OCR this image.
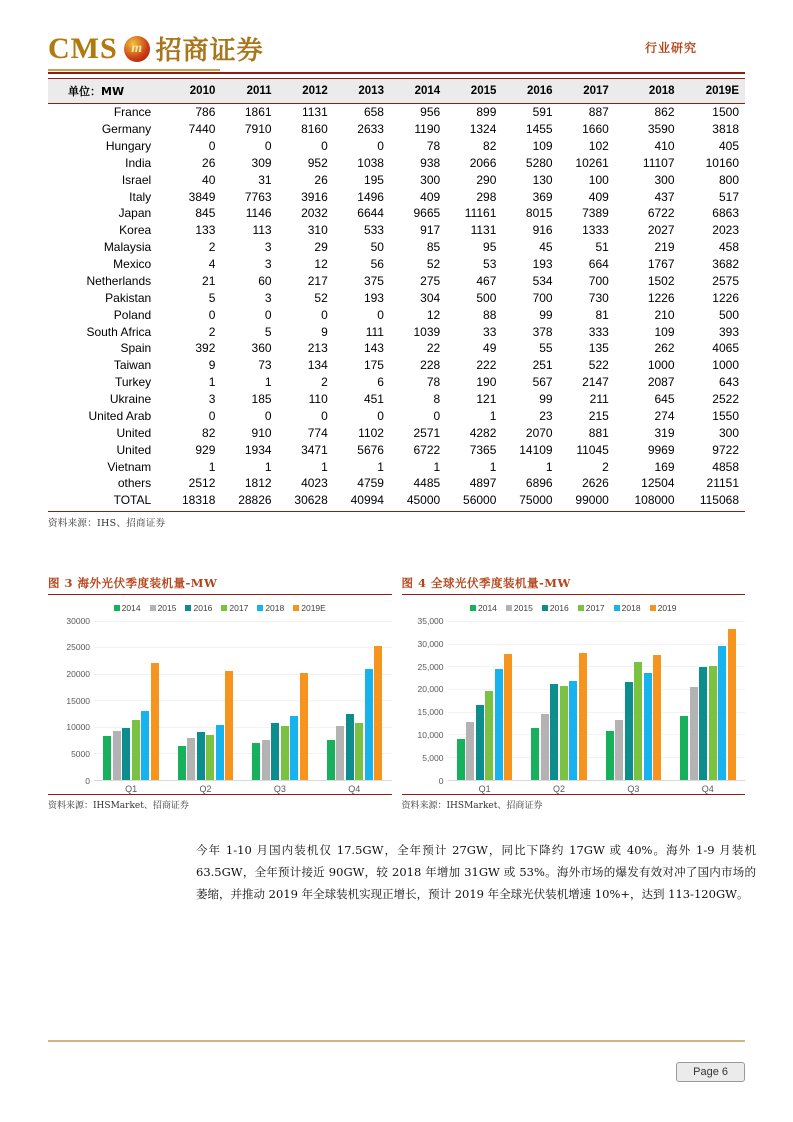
CMS m 招商证券	行业研究
单位：MW	2010	2011	2012	2013	2014	2015	2016	2017	2018	2019E
France	786	1861	1131	658	956	899	591	887	862	1500
Germany	7440	7910	8160	2633	1190	1324	1455	1660	3590	3818
Hungary	0	0	0	0	78	82	109	102	410	405
India	26	309	952	1038	938	2066	5280	10261	11107	10160
Israel	40	31	26	195	300	290	130	100	300	800
Italy	3849	7763	3916	1496	409	298	369	409	437	517
Japan	845	1146	2032	6644	9665	11161	8015	7389	6722	6863
Korea	133	113	310	533	917	1131	916	1333	2027	2023
Malaysia	2	3	29	50	85	95	45	51	219	458
Mexico	4	3	12	56	52	53	193	664	1767	3682
Netherlands	21	60	217	375	275	467	534	700	1502	2575
Pakistan	5	3	52	193	304	500	700	730	1226	1226
Poland	0	0	0	0	12	88	99	81	210	500
South Africa	2	5	9	111	1039	33	378	333	109	393
Spain	392	360	213	143	22	49	55	135	262	4065
Taiwan	9	73	134	175	228	222	251	522	1000	1000
Turkey	1	1	2	6	78	190	567	2147	2087	643
Ukraine	3	185	110	451	8	121	99	211	645	2522
United Arab	0	0	0	0	0	1	23	215	274	1550
United	82	910	774	1102	2571	4282	2070	881	319	300
United	929	1934	3471	5676	6722	7365	14109	11045	9969	9722
Vietnam	1	1	1	1	1	1	1	2	169	4858
others	2512	1812	4023	4759	4485	4897	6896	2626	12504	21151
TOTAL	18318	28826	30628	40994	45000	56000	75000	99000	108000	115068
资料来源：IHS、招商证券
图 3 海外光伏季度装机量-MW
2014 2015 2016 2017 2018 2019E
0
5000
10000
15000
20000
25000
30000
Q1	Q2	Q3	Q4
资料来源：IHSMarket、招商证券
图 4 全球光伏季度装机量-MW
2014 2015 2016 2017 2018 2019
0
5,000
10,000
15,000
20,000
25,000
30,000
35,000
Q1	Q2	Q3	Q4
资料来源：IHSMarket、招商证券
今年 1-10 月国内装机仅 17.5GW，全年预计 27GW，同比下降约 17GW 或 40%。海外 1-9 月装机 63.5GW，全年预计接近 90GW，较 2018 年增加 31GW 或 53%。海外市场的爆发有效对冲了国内市场的萎缩，并推动 2019 年全球装机实现正增长，预计 2019 年全球光伏装机增速 10%+，达到 113-120GW。
Page 6
